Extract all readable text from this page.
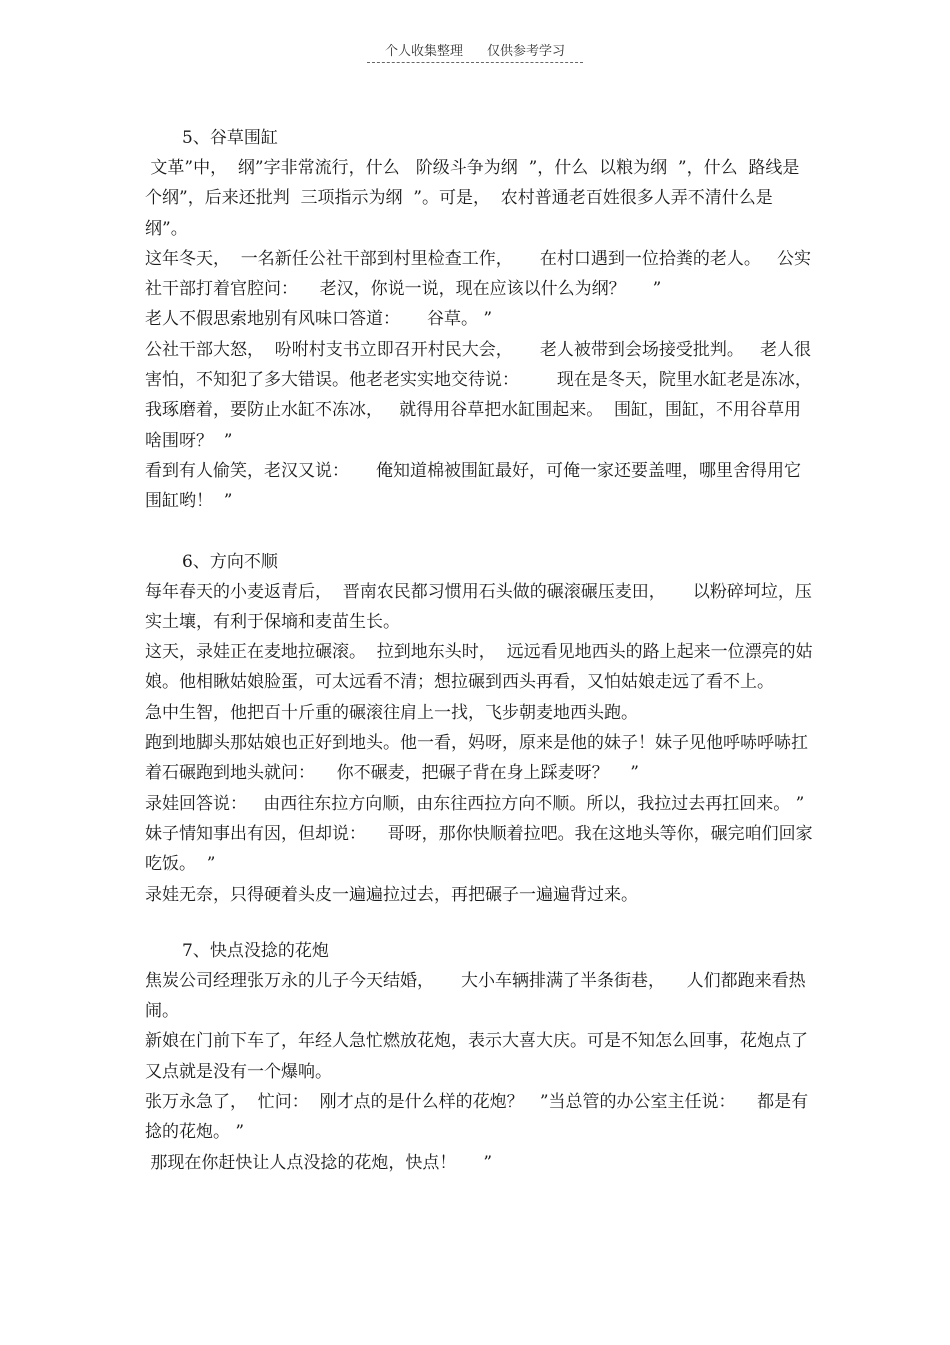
个人收集整理 仅供参考学习
5、谷草围缸

文革”中，  纲”字非常流行，什么   阶级斗争为纲  ”，什么  以粮为纲  ”，什么  路线是个纲”，后来还批判  三项指示为纲  ”。可是，  农村普通老百姓很多人弄不清什么是  纲”。

这年冬天，  一名新任公社干部到村里检查工作，     在村口遇到一位拾粪的老人。   公实社干部打着官腔问：    老汉，你说一说，现在应该以什么为纲？     ”

老人不假思索地别有风味口答道：     谷草。 ”

公社干部大怒，  吩咐村支书立即召开村民大会，     老人被带到会场接受批判。   老人很害怕，不知犯了多大错误。他老老实实地交待说：       现在是冬天，院里水缸老是冻冰，我琢磨着，要防止水缸不冻冰，   就得用谷草把水缸围起来。  围缸，围缸，不用谷草用啥围呀？  ”

看到有人偷笑，老汉又说：     俺知道棉被围缸最好，可俺一家还要盖哩，哪里舍得用它围缸哟！  ”

6、方向不顺

每年春天的小麦返青后，  晋南农民都习惯用石头做的碾滚碾压麦田，     以粉碎坷垃，压实土壤，有利于保墒和麦苗生长。

这天，录娃正在麦地拉碾滚。  拉到地东头时，  远远看见地西头的路上起来一位漂亮的姑娘。他相瞅姑娘脸蛋，可太远看不清；想拉碾到西头再看，又怕姑娘走远了看不上。

急中生智，他把百十斤重的碾滚往肩上一找，飞步朝麦地西头跑。

跑到地脚头那姑娘也正好到地头。他一看，妈呀，原来是他的妹子！妹子见他呼哧呼哧扛着石碾跑到地头就问：    你不碾麦，把碾子背在身上踩麦呀？    ”

录娃回答说：   由西往东拉方向顺，由东往西拉方向不顺。所以，我拉过去再扛回来。 ”

妹子情知事出有因，但却说：    哥呀，那你快顺着拉吧。我在这地头等你，碾完咱们回家吃饭。  ”

录娃无奈，只得硬着头皮一遍遍拉过去，再把碾子一遍遍背过来。

7、快点没捻的花炮

焦炭公司经理张万永的儿子今天结婚，     大小车辆排满了半条街巷，    人们都跑来看热闹。

新娘在门前下车了，年经人急忙燃放花炮，表示大喜大庆。可是不知怎么回事，花炮点了又点就是没有一个爆响。

张万永急了，  忙问：  刚才点的是什么样的花炮？   ”当总管的办公室主任说：    都是有捻的花炮。 ”

那现在你赶快让人点没捻的花炮，快点！     ”
